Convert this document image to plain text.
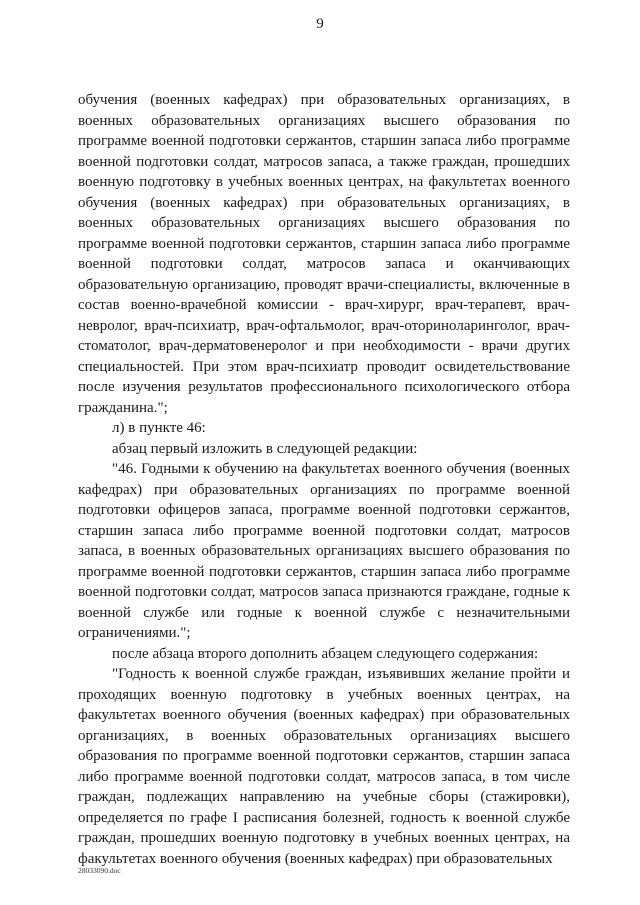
9

обучения (военных кафедрах) при образовательных организациях, в военных образовательных организациях высшего образования по программе военной подготовки сержантов, старшин запаса либо программе военной подготовки солдат, матросов запаса, а также граждан, прошедших военную подготовку в учебных военных центрах, на факультетах военного обучения (военных кафедрах) при образовательных организациях, в военных образовательных организациях высшего образования по программе военной подготовки сержантов, старшин запаса либо программе военной подготовки солдат, матросов запаса и оканчивающих образовательную организацию, проводят врачи-специалисты, включенные в состав военно-врачебной комиссии - врач-хирург, врач-терапевт, врач-невролог, врач-психиатр, врач-офтальмолог, врач-оториноларинголог, врач-стоматолог, врач-дерматовенеролог и при необходимости - врачи других специальностей. При этом врач-психиатр проводит освидетельствование после изучения результатов профессионального психологического отбора гражданина.";

л) в пункте 46:

абзац первый изложить в следующей редакции:

"46. Годными к обучению на факультетах военного обучения (военных кафедрах) при образовательных организациях по программе военной подготовки офицеров запаса, программе военной подготовки сержантов, старшин запаса либо программе военной подготовки солдат, матросов запаса, в военных образовательных организациях высшего образования по программе военной подготовки сержантов, старшин запаса либо программе военной подготовки солдат, матросов запаса признаются граждане, годные к военной службе или годные к военной службе с незначительными ограничениями.";

после абзаца второго дополнить абзацем следующего содержания:

"Годность к военной службе граждан, изъявивших желание пройти и проходящих военную подготовку в учебных военных центрах, на факультетах военного обучения (военных кафедрах) при образовательных организациях, в военных образовательных организациях высшего образования по программе военной подготовки сержантов, старшин запаса либо программе военной подготовки солдат, матросов запаса, в том числе граждан, подлежащих направлению на учебные сборы (стажировки), определяется по графе I расписания болезней, годность к военной службе граждан, прошедших военную подготовку в учебных военных центрах, на факультетах военного обучения (военных кафедрах) при образовательных

28033090.doc
